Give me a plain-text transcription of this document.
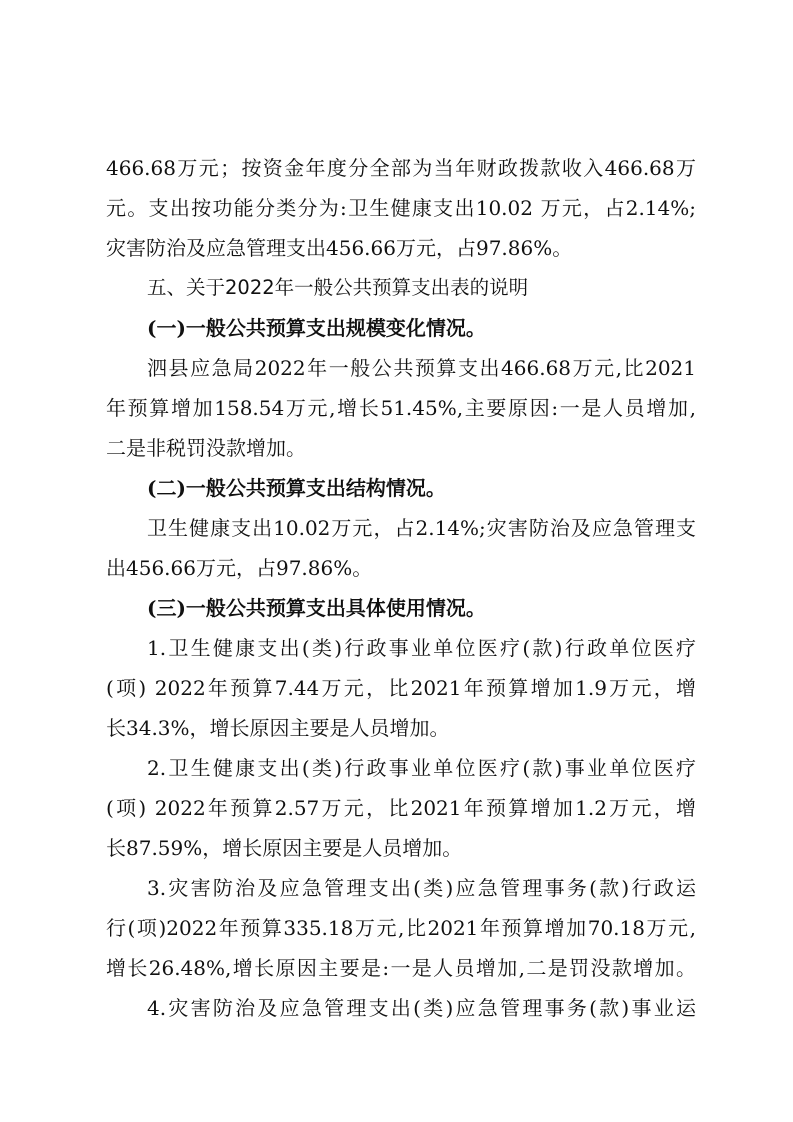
466.68万元；按资金年度分全部为当年财政拨款收入466.68万
元。支出按功能分类分为:卫生健康支出10.02 万元，占2.14%;
灾害防治及应急管理支出456.66万元，占97.86%。
五、关于2022年一般公共预算支出表的说明
(一)一般公共预算支出规模变化情况。
泗县应急局2022年一般公共预算支出466.68万元,比2021
年预算增加158.54万元,增长51.45%,主要原因:一是人员增加,
二是非税罚没款增加。
(二)一般公共预算支出结构情况。
卫生健康支出10.02万元，占2.14%;灾害防治及应急管理支
出456.66万元，占97.86%。
(三)一般公共预算支出具体使用情况。
1.卫生健康支出(类)行政事业单位医疗(款)行政单位医疗
(项) 2022年预算7.44万元，比2021年预算增加1.9万元，增
长34.3%，增长原因主要是人员增加。
2.卫生健康支出(类)行政事业单位医疗(款)事业单位医疗
(项) 2022年预算2.57万元，比2021年预算增加1.2万元，增
长87.59%，增长原因主要是人员增加。
3.灾害防治及应急管理支出(类)应急管理事务(款)行政运
行(项)2022年预算335.18万元,比2021年预算增加70.18万元,
增长26.48%,增长原因主要是:一是人员增加,二是罚没款增加。
4.灾害防治及应急管理支出(类)应急管理事务(款)事业运
